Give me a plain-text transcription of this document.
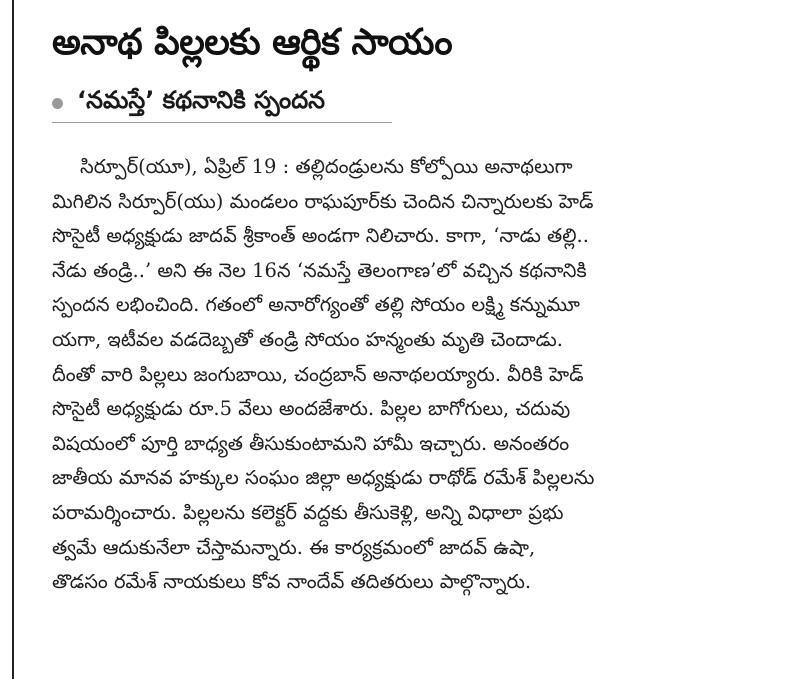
అనాథ పిల్లలకు ఆర్థిక సాయం
‘నమస్తే’ కథనానికి స్పందన
సిర్పూర్(యూ), ఏప్రిల్ 19 : తల్లిదండ్రులను కోల్పోయి అనాథలుగా
మిగిలిన సిర్పూర్(యు) మండలం రాఘపూర్‌కు చెందిన చిన్నారులకు హెడ్
సొసైటీ అధ్యక్షుడు జాదవ్ శ్రీకాంత్ అండగా నిలిచారు. కాగా, ‘నాడు తల్లి..
నేడు తండ్రి..’ అని ఈ నెల 16న ‘నమస్తే తెలంగాణ’లో వచ్చిన కథనానికి
స్పందన లభించింది. గతంలో అనారోగ్యంతో తల్లి సోయం లక్ష్మి కన్నుమూ
యగా, ఇటీవల వడదెబ్బతో తండ్రి సోయం హన్మంతు మృతి చెందాడు.
దీంతో వారి పిల్లలు జంగుబాయి, చంద్రబాన్ అనాథలయ్యారు. వీరికి హెడ్
సొసైటీ అధ్యక్షుడు రూ.5 వేలు అందజేశారు. పిల్లల బాగోగులు, చదువు
విషయంలో పూర్తి బాధ్యత తీసుకుంటామని హామీ ఇచ్చారు. అనంతరం
జాతీయ మానవ హక్కుల సంఘం జిల్లా అధ్యక్షుడు రాథోడ్ రమేశ్ పిల్లలను
పరామర్శించారు. పిల్లలను కలెక్టర్ వద్దకు తీసుకెళ్లి, అన్ని విధాలా ప్రభు
త్వమే ఆదుకునేలా చేస్తామన్నారు. ఈ కార్యక్రమంలో జాదవ్ ఉషా,
తొడసం రమేశ్ నాయకులు కోవ నాందేవ్ తదితరులు పాల్గొన్నారు.
